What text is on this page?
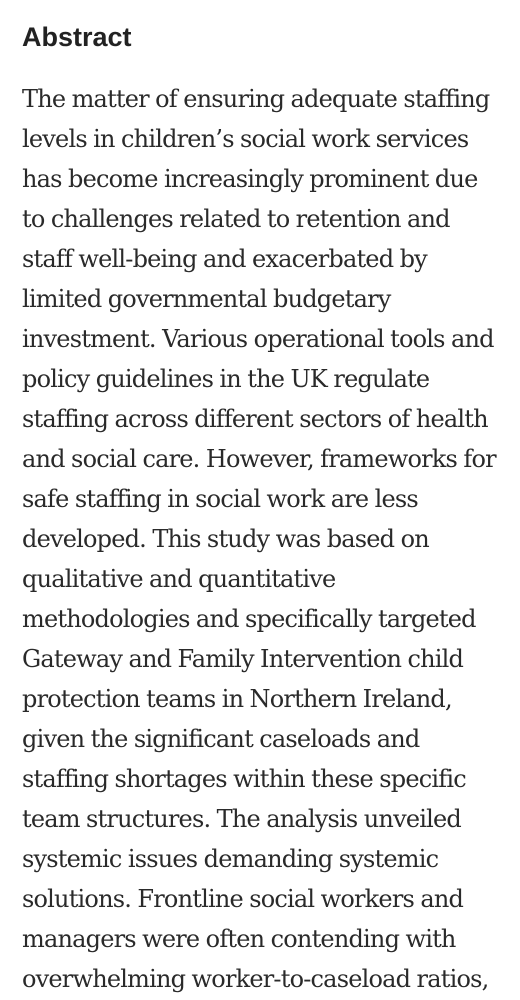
Abstract

The matter of ensuring adequate staffing
levels in children’s social work services
has become increasingly prominent due
to challenges related to retention and
staff well-being and exacerbated by
limited governmental budgetary
investment. Various operational tools and
policy guidelines in the UK regulate
staffing across different sectors of health
and social care. However, frameworks for
safe staffing in social work are less
developed. This study was based on
qualitative and quantitative
methodologies and specifically targeted
Gateway and Family Intervention child
protection teams in Northern Ireland,
given the significant caseloads and
staffing shortages within these specific
team structures. The analysis unveiled
systemic issues demanding systemic
solutions. Frontline social workers and
managers were often contending with
overwhelming worker-to-caseload ratios,
